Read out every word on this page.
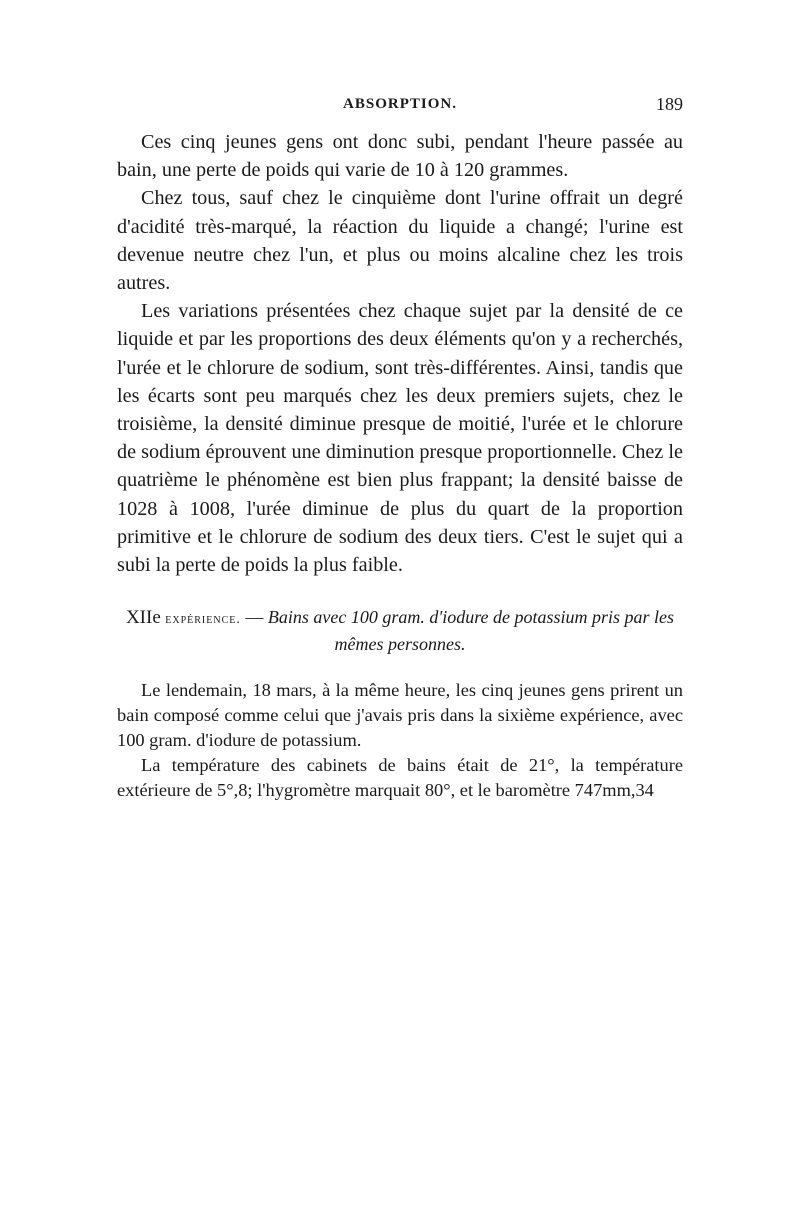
ABSORPTION.	189

Ces cinq jeunes gens ont donc subi, pendant l'heure passée au bain, une perte de poids qui varie de 10 à 120 grammes.

Chez tous, sauf chez le cinquième dont l'urine offrait un degré d'acidité très-marqué, la réaction du liquide a changé; l'urine est devenue neutre chez l'un, et plus ou moins alcaline chez les trois autres.

Les variations présentées chez chaque sujet par la densité de ce liquide et par les proportions des deux éléments qu'on y a recherchés, l'urée et le chlorure de sodium, sont très-différentes. Ainsi, tandis que les écarts sont peu marqués chez les deux premiers sujets, chez le troisième, la densité diminue presque de moitié, l'urée et le chlorure de sodium éprouvent une diminution presque proportionnelle. Chez le quatrième le phénomène est bien plus frappant; la densité baisse de 1028 à 1008, l'urée diminue de plus du quart de la proportion primitive et le chlorure de sodium des deux tiers. C'est le sujet qui a subi la perte de poids la plus faible.

XIIe expérience. — Bains avec 100 gram. d'iodure de potassium pris par les mêmes personnes.

Le lendemain, 18 mars, à la même heure, les cinq jeunes gens prirent un bain composé comme celui que j'avais pris dans la sixième expérience, avec 100 gram. d'iodure de potassium.

La température des cabinets de bains était de 21°, la température extérieure de 5°,8; l'hygromètre marquait 80°, et le baromètre 747mm,34
